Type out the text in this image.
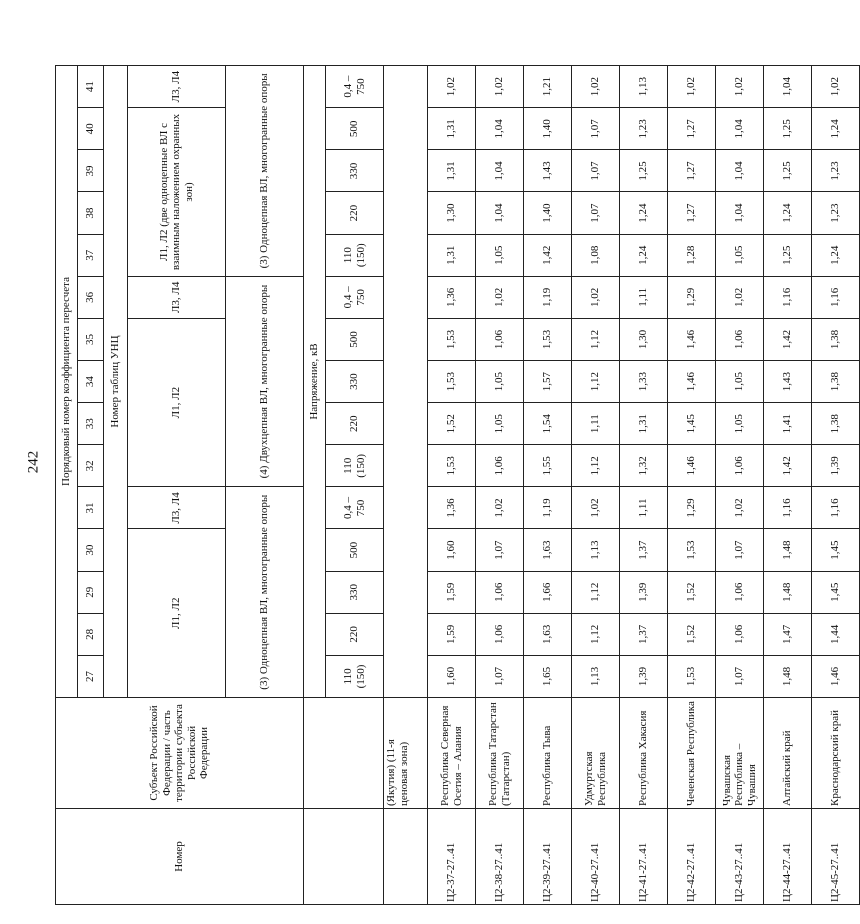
242
Номер	Субъект Российской Федерации / часть территории субъекта Российской Федерации	Порядковый номер коэффициента пересчета														
		27	28	29	30	31	32	33	34	35	36	37	38	39	40	41
		Номер таблиц УНЦ														
		Л1, Л2				Л3, Л4	Л1, Л2				Л3, Л4	Л1, Л2 (две одноцепные ВЛ с взаимным наложением охранных зон)				Л3, Л4
		(3) Одноцепная ВЛ, многогранные опоры					(4) Двухцепная ВЛ, многогранные опоры					(3) Одноцепная ВЛ, многогранные опоры				
		Напряжение, кВ														
		110 (150)	220	330	500	0,4 – 750	110 (150)	220	330	500	0,4 – 750	110 (150)	220	330	500	0,4 – 750
	(Якутия) (11-я ценовая зона)															
Ц2-37-27..41	Республика Северная Осетия – Алания	1,60	1,59	1,59	1,60	1,36	1,53	1,52	1,53	1,53	1,36	1,31	1,30	1,31	1,31	1,02
Ц2-38-27..41	Республика Татарстан (Татарстан)	1,07	1,06	1,06	1,07	1,02	1,06	1,05	1,05	1,06	1,02	1,05	1,04	1,04	1,04	1,02
Ц2-39-27..41	Республика Тыва	1,65	1,63	1,66	1,63	1,19	1,55	1,54	1,57	1,53	1,19	1,42	1,40	1,43	1,40	1,21
Ц2-40-27..41	Удмуртская Республика	1,13	1,12	1,12	1,13	1,02	1,12	1,11	1,12	1,12	1,02	1,08	1,07	1,07	1,07	1,02
Ц2-41-27..41	Республика Хакасия	1,39	1,37	1,39	1,37	1,11	1,32	1,31	1,33	1,30	1,11	1,24	1,24	1,25	1,23	1,13
Ц2-42-27..41	Чеченская Республика	1,53	1,52	1,52	1,53	1,29	1,46	1,45	1,46	1,46	1,29	1,28	1,27	1,27	1,27	1,02
Ц2-43-27..41	Чувашская Республика – Чувашия	1,07	1,06	1,06	1,07	1,02	1,06	1,05	1,05	1,06	1,02	1,05	1,04	1,04	1,04	1,02
Ц2-44-27..41	Алтайский край	1,48	1,47	1,48	1,48	1,16	1,42	1,41	1,43	1,42	1,16	1,25	1,24	1,25	1,25	1,04
Ц2-45-27..41	Краснодарский край	1,46	1,44	1,45	1,45	1,16	1,39	1,38	1,38	1,38	1,16	1,24	1,23	1,23	1,24	1,02
